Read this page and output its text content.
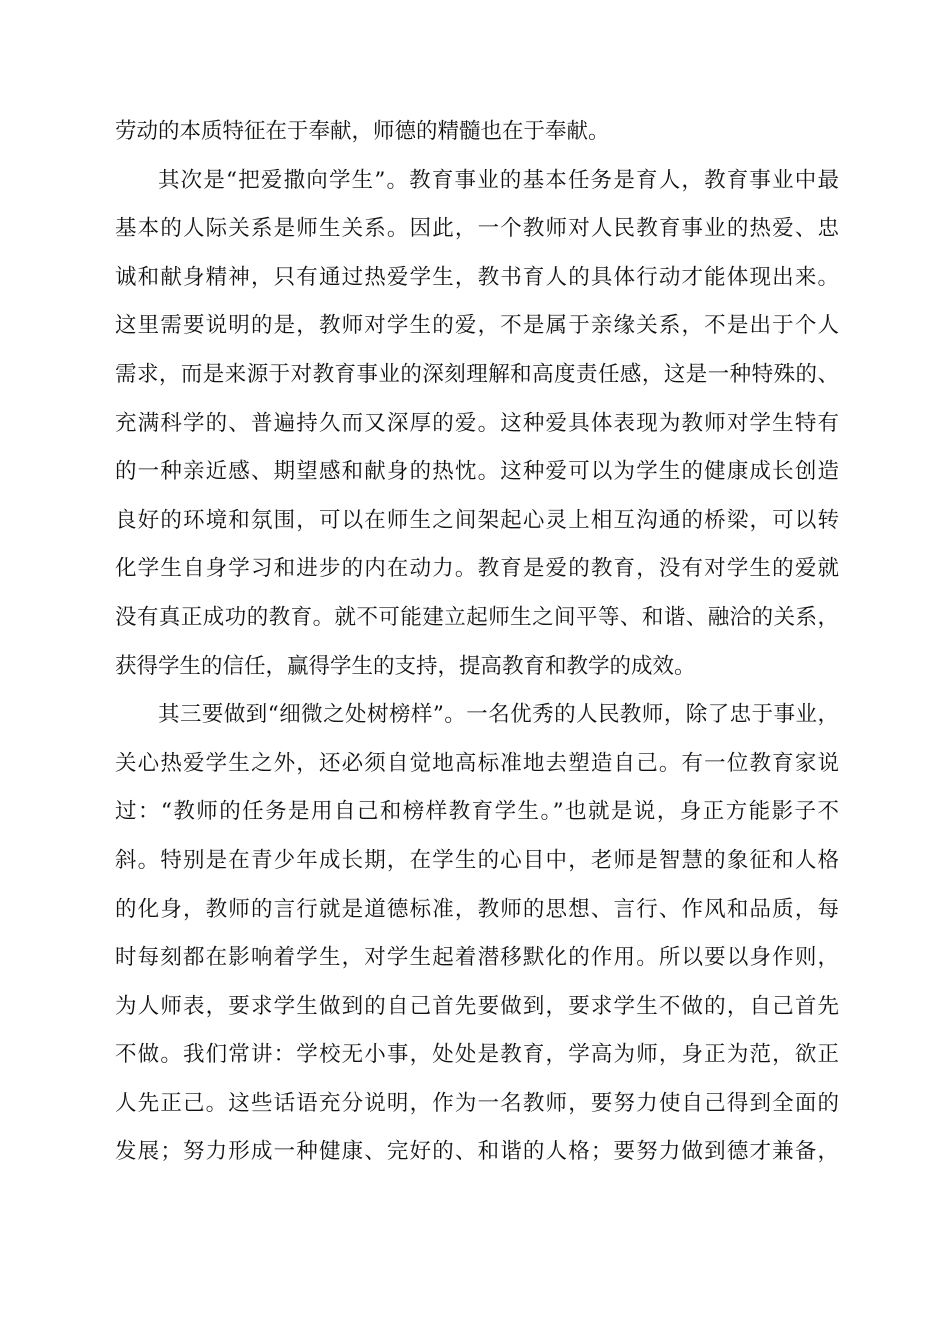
劳动的本质特征在于奉献，师德的精髓也在于奉献。
其次是“把爱撒向学生”。教育事业的基本任务是育人，教育事业中最
基本的人际关系是师生关系。因此，一个教师对人民教育事业的热爱、忠
诚和献身精神，只有通过热爱学生，教书育人的具体行动才能体现出来。
这里需要说明的是，教师对学生的爱，不是属于亲缘关系，不是出于个人
需求，而是来源于对教育事业的深刻理解和高度责任感，这是一种特殊的、
充满科学的、普遍持久而又深厚的爱。这种爱具体表现为教师对学生特有
的一种亲近感、期望感和献身的热忱。这种爱可以为学生的健康成长创造
良好的环境和氛围，可以在师生之间架起心灵上相互沟通的桥梁，可以转
化学生自身学习和进步的内在动力。教育是爱的教育，没有对学生的爱就
没有真正成功的教育。就不可能建立起师生之间平等、和谐、融洽的关系，
获得学生的信任，赢得学生的支持，提高教育和教学的成效。
其三要做到“细微之处树榜样”。一名优秀的人民教师，除了忠于事业，
关心热爱学生之外，还必须自觉地高标准地去塑造自己。有一位教育家说
过：“教师的任务是用自己和榜样教育学生。”也就是说，身正方能影子不
斜。特别是在青少年成长期，在学生的心目中，老师是智慧的象征和人格
的化身，教师的言行就是道德标准，教师的思想、言行、作风和品质，每
时每刻都在影响着学生，对学生起着潜移默化的作用。所以要以身作则，
为人师表，要求学生做到的自己首先要做到，要求学生不做的，自己首先
不做。我们常讲：学校无小事，处处是教育，学高为师，身正为范，欲正
人先正己。这些话语充分说明，作为一名教师，要努力使自己得到全面的
发展；努力形成一种健康、完好的、和谐的人格；要努力做到德才兼备，
